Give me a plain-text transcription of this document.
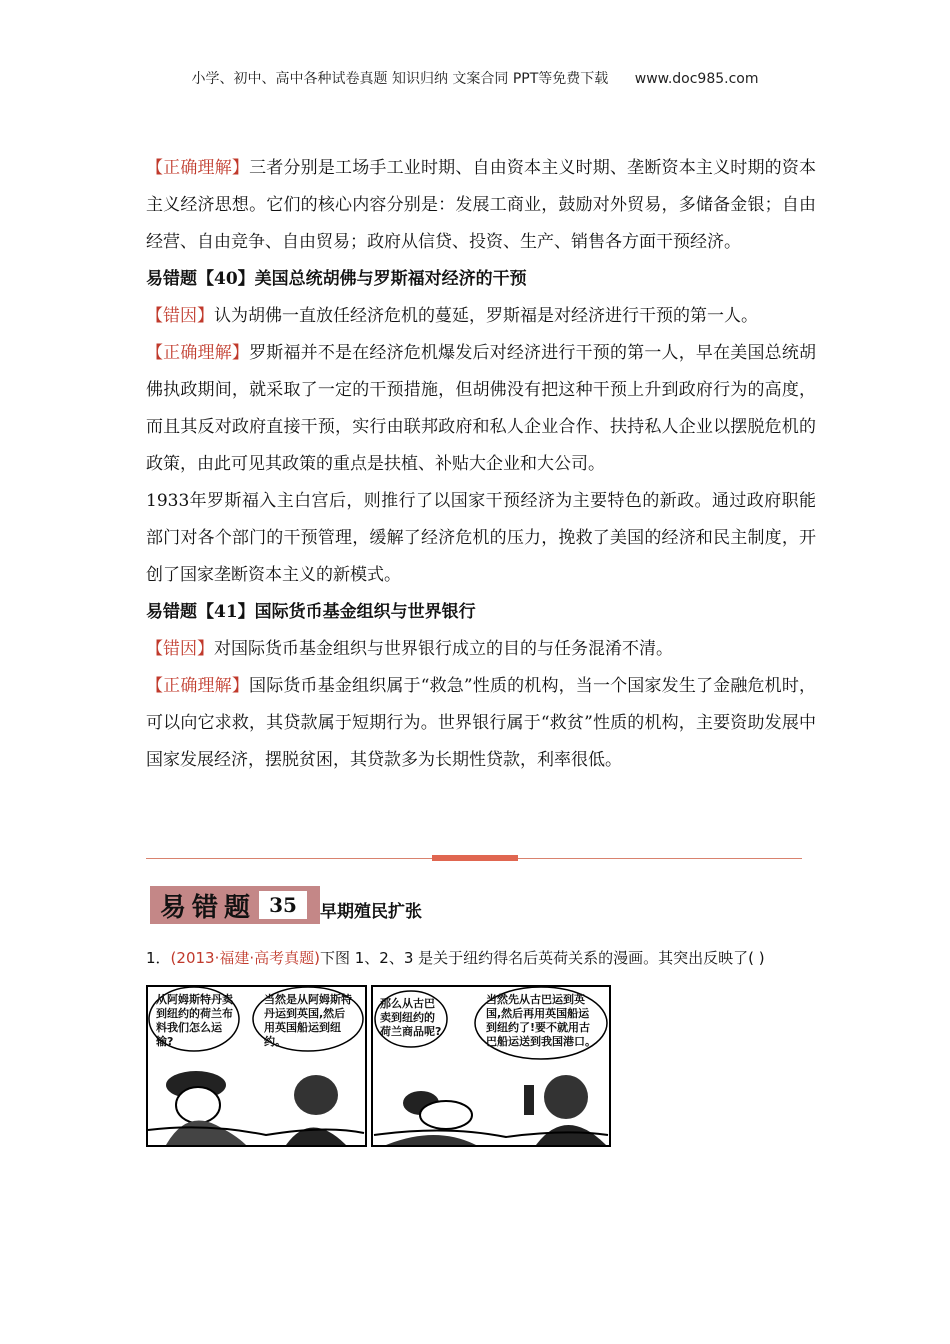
小学、初中、高中各种试卷真题 知识归纳 文案合同 PPT等免费下载 www.doc985.com

【正确理解】三者分别是工场手工业时期、自由资本主义时期、垄断资本主义时期的资本主义经济思想。它们的核心内容分别是：发展工商业，鼓励对外贸易，多储备金银；自由经营、自由竞争、自由贸易；政府从信贷、投资、生产、销售各方面干预经济。

易错题【40】美国总统胡佛与罗斯福对经济的干预

【错因】认为胡佛一直放任经济危机的蔓延，罗斯福是对经济进行干预的第一人。

【正确理解】罗斯福并不是在经济危机爆发后对经济进行干预的第一人，早在美国总统胡佛执政期间，就采取了一定的干预措施，但胡佛没有把这种干预上升到政府行为的高度，而且其反对政府直接干预，实行由联邦政府和私人企业合作、扶持私人企业以摆脱危机的政策，由此可见其政策的重点是扶植、补贴大企业和大公司。

1933年罗斯福入主白宫后，则推行了以国家干预经济为主要特色的新政。通过政府职能部门对各个部门的干预管理，缓解了经济危机的压力，挽救了美国的经济和民主制度，开创了国家垄断资本主义的新模式。

易错题【41】国际货币基金组织与世界银行

【错因】对国际货币基金组织与世界银行成立的目的与任务混淆不清。

【正确理解】国际货币基金组织属于“救急”性质的机构，当一个国家发生了金融危机时，可以向它求救，其贷款属于短期行为。世界银行属于“救贫”性质的机构，主要资助发展中国家发展经济，摆脱贫困，其贷款多为长期性贷款，利率很低。

易错题 35	早期殖民扩张
1．(2013·福建·高考真题)下图 1、2、3 是关于纽约得名后英荷关系的漫画。其突出反映了( )
从阿姆斯特丹卖到纽约的荷兰布料我们怎么运输?
当然是从阿姆斯特丹运到英国,然后用英国船运到纽约。
那么从古巴卖到纽约的荷兰商品呢?
当然先从古巴运到英国,然后再用英国船运到纽约了!要不就用古巴船运送到我国港口。
